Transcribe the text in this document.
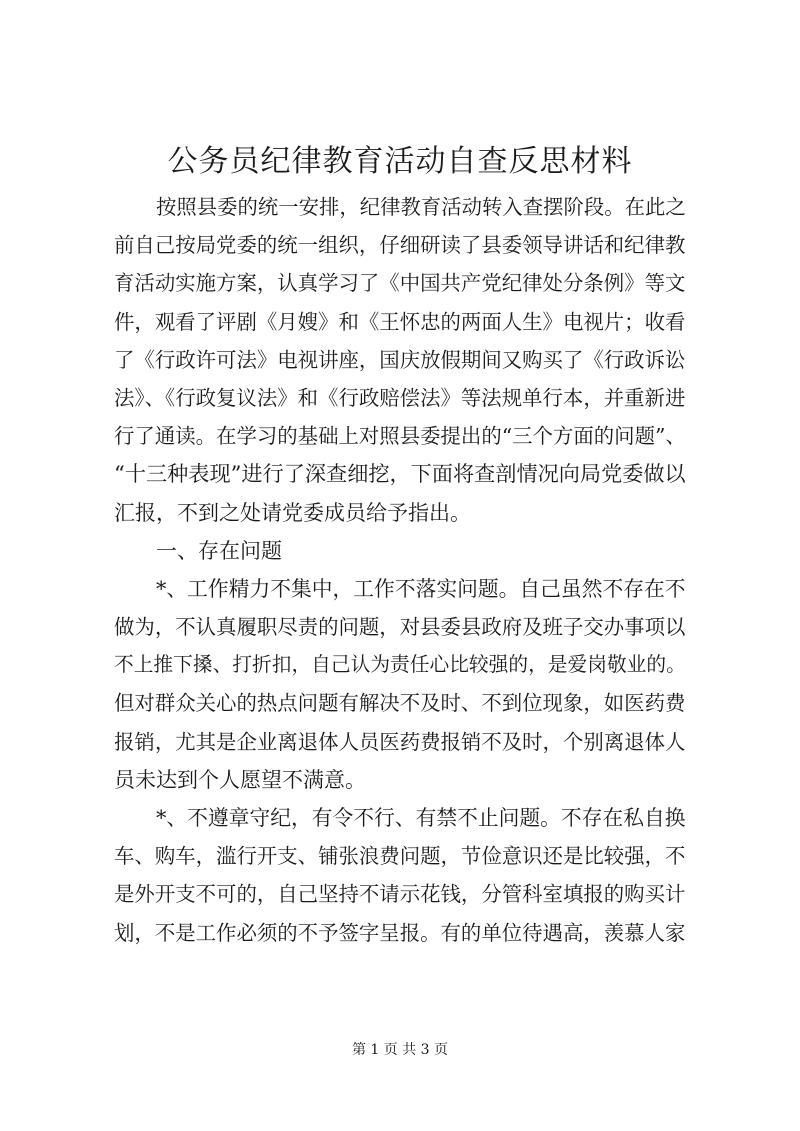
公务员纪律教育活动自查反思材料
按照县委的统一安排，纪律教育活动转入查摆阶段。在此之
前自己按局党委的统一组织，仔细研读了县委领导讲话和纪律教
育活动实施方案，认真学习了《中国共产党纪律处分条例》等文
件，观看了评剧《月嫂》和《王怀忠的两面人生》电视片；收看
了《行政许可法》电视讲座，国庆放假期间又购买了《行政诉讼
法》、《行政复议法》和《行政赔偿法》等法规单行本，并重新进
行了通读。在学习的基础上对照县委提出的“三个方面的问题”、
“十三种表现”进行了深查细挖，下面将查剖情况向局党委做以
汇报，不到之处请党委成员给予指出。
一、存在问题
*、工作精力不集中，工作不落实问题。自己虽然不存在不
做为，不认真履职尽责的问题，对县委县政府及班子交办事项以
不上推下搡、打折扣，自己认为责任心比较强的，是爱岗敬业的。
但对群众关心的热点问题有解决不及时、不到位现象，如医药费
报销，尤其是企业离退体人员医药费报销不及时，个别离退体人
员未达到个人愿望不满意。
*、不遵章守纪，有令不行、有禁不止问题。不存在私自换
车、购车，滥行开支、铺张浪费问题，节俭意识还是比较强，不
是外开支不可的，自己坚持不请示花钱，分管科室填报的购买计
划，不是工作必须的不予签字呈报。有的单位待遇高，羡慕人家
第 1 页 共 3 页
